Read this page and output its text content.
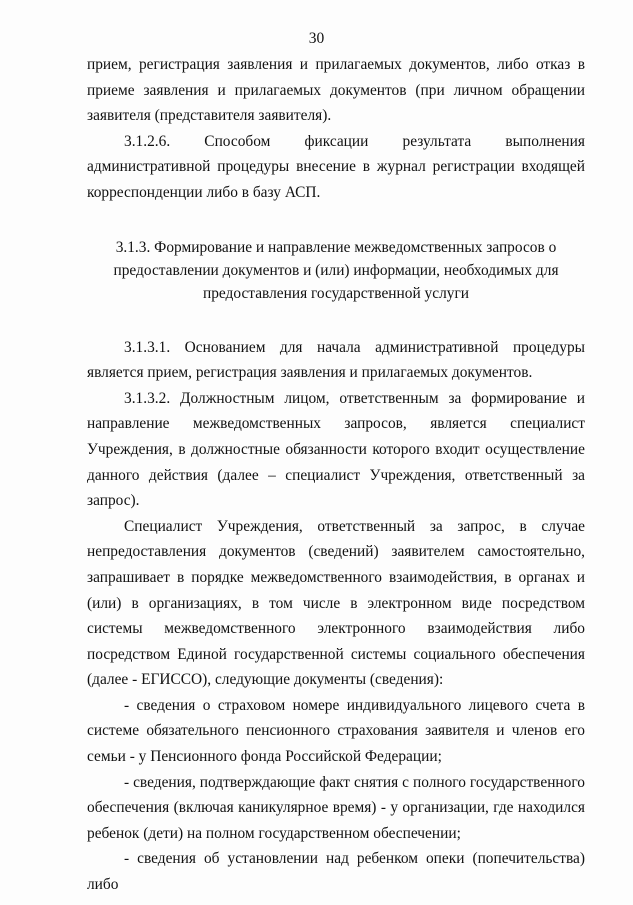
30

прием, регистрация заявления и прилагаемых документов, либо отказ в приеме заявления и прилагаемых документов (при личном обращении заявителя (представителя заявителя).

3.1.2.6. Способом фиксации результата выполнения административной процедуры внесение в журнал регистрации входящей корреспонденции либо в базу АСП.

3.1.3. Формирование и направление межведомственных запросов о предоставлении документов и (или) информации, необходимых для предоставления государственной услуги

3.1.3.1. Основанием для начала административной процедуры является прием, регистрация заявления и прилагаемых документов.

3.1.3.2. Должностным лицом, ответственным за формирование и направление межведомственных запросов, является специалист Учреждения, в должностные обязанности которого входит осуществление данного действия (далее – специалист Учреждения, ответственный за запрос).

Специалист Учреждения, ответственный за запрос, в случае непредоставления документов (сведений) заявителем самостоятельно, запрашивает в порядке межведомственного взаимодействия, в органах и (или) в организациях, в том числе в электронном виде посредством системы межведомственного электронного взаимодействия либо посредством Единой государственной системы социального обеспечения (далее - ЕГИССО), следующие документы (сведения):

- сведения о страховом номере индивидуального лицевого счета в системе обязательного пенсионного страхования заявителя и членов его семьи - у Пенсионного фонда Российской Федерации;

- сведения, подтверждающие факт снятия с полного государственного обеспечения (включая каникулярное время) - у организации, где находился ребенок (дети) на полном государственном обеспечении;

- сведения об установлении над ребенком опеки (попечительства) либо
